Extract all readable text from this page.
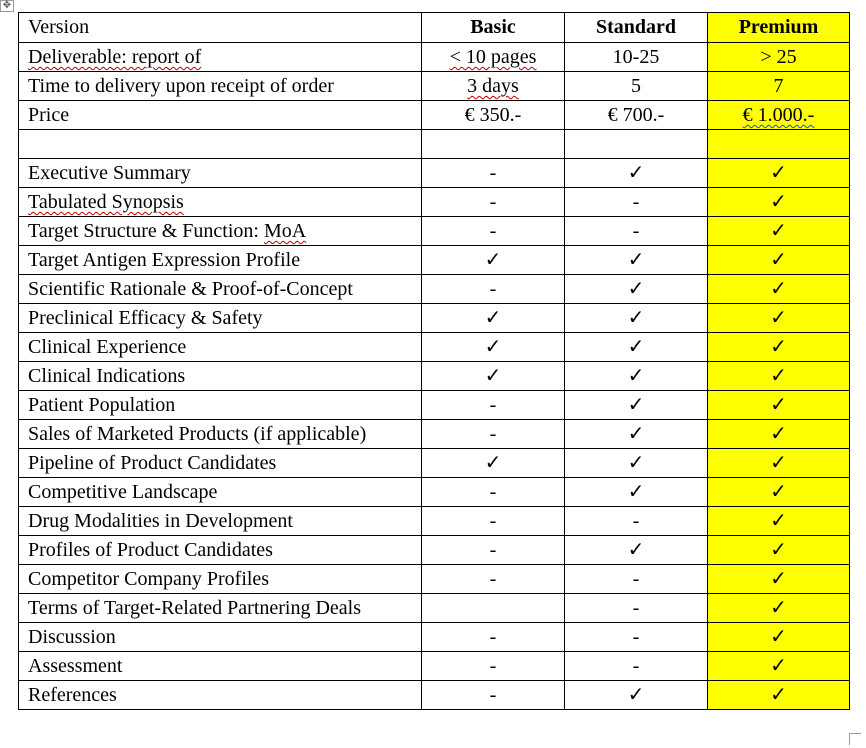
✥
Version	Basic	Standard	Premium
Deliverable: report of	< 10 pages	10-25	> 25
Time to delivery upon receipt of order	3 days	5	7
Price	€ 350.-	€ 700.-	€ 1.000.-

Executive Summary	-	✓	✓
Tabulated Synopsis	-	-	✓
Target Structure & Function: MoA	-	-	✓
Target Antigen Expression Profile	✓	✓	✓
Scientific Rationale & Proof-of-Concept	-	✓	✓
Preclinical Efficacy & Safety	✓	✓	✓
Clinical Experience	✓	✓	✓
Clinical Indications	✓	✓	✓
Patient Population	-	✓	✓
Sales of Marketed Products (if applicable)	-	✓	✓
Pipeline of Product Candidates	✓	✓	✓
Competitive Landscape	-	✓	✓
Drug Modalities in Development	-	-	✓
Profiles of Product Candidates	-	✓	✓
Competitor Company Profiles	-	-	✓
Terms of Target-Related Partnering Deals		-	✓
Discussion	-	-	✓
Assessment	-	-	✓
References	-	✓	✓
